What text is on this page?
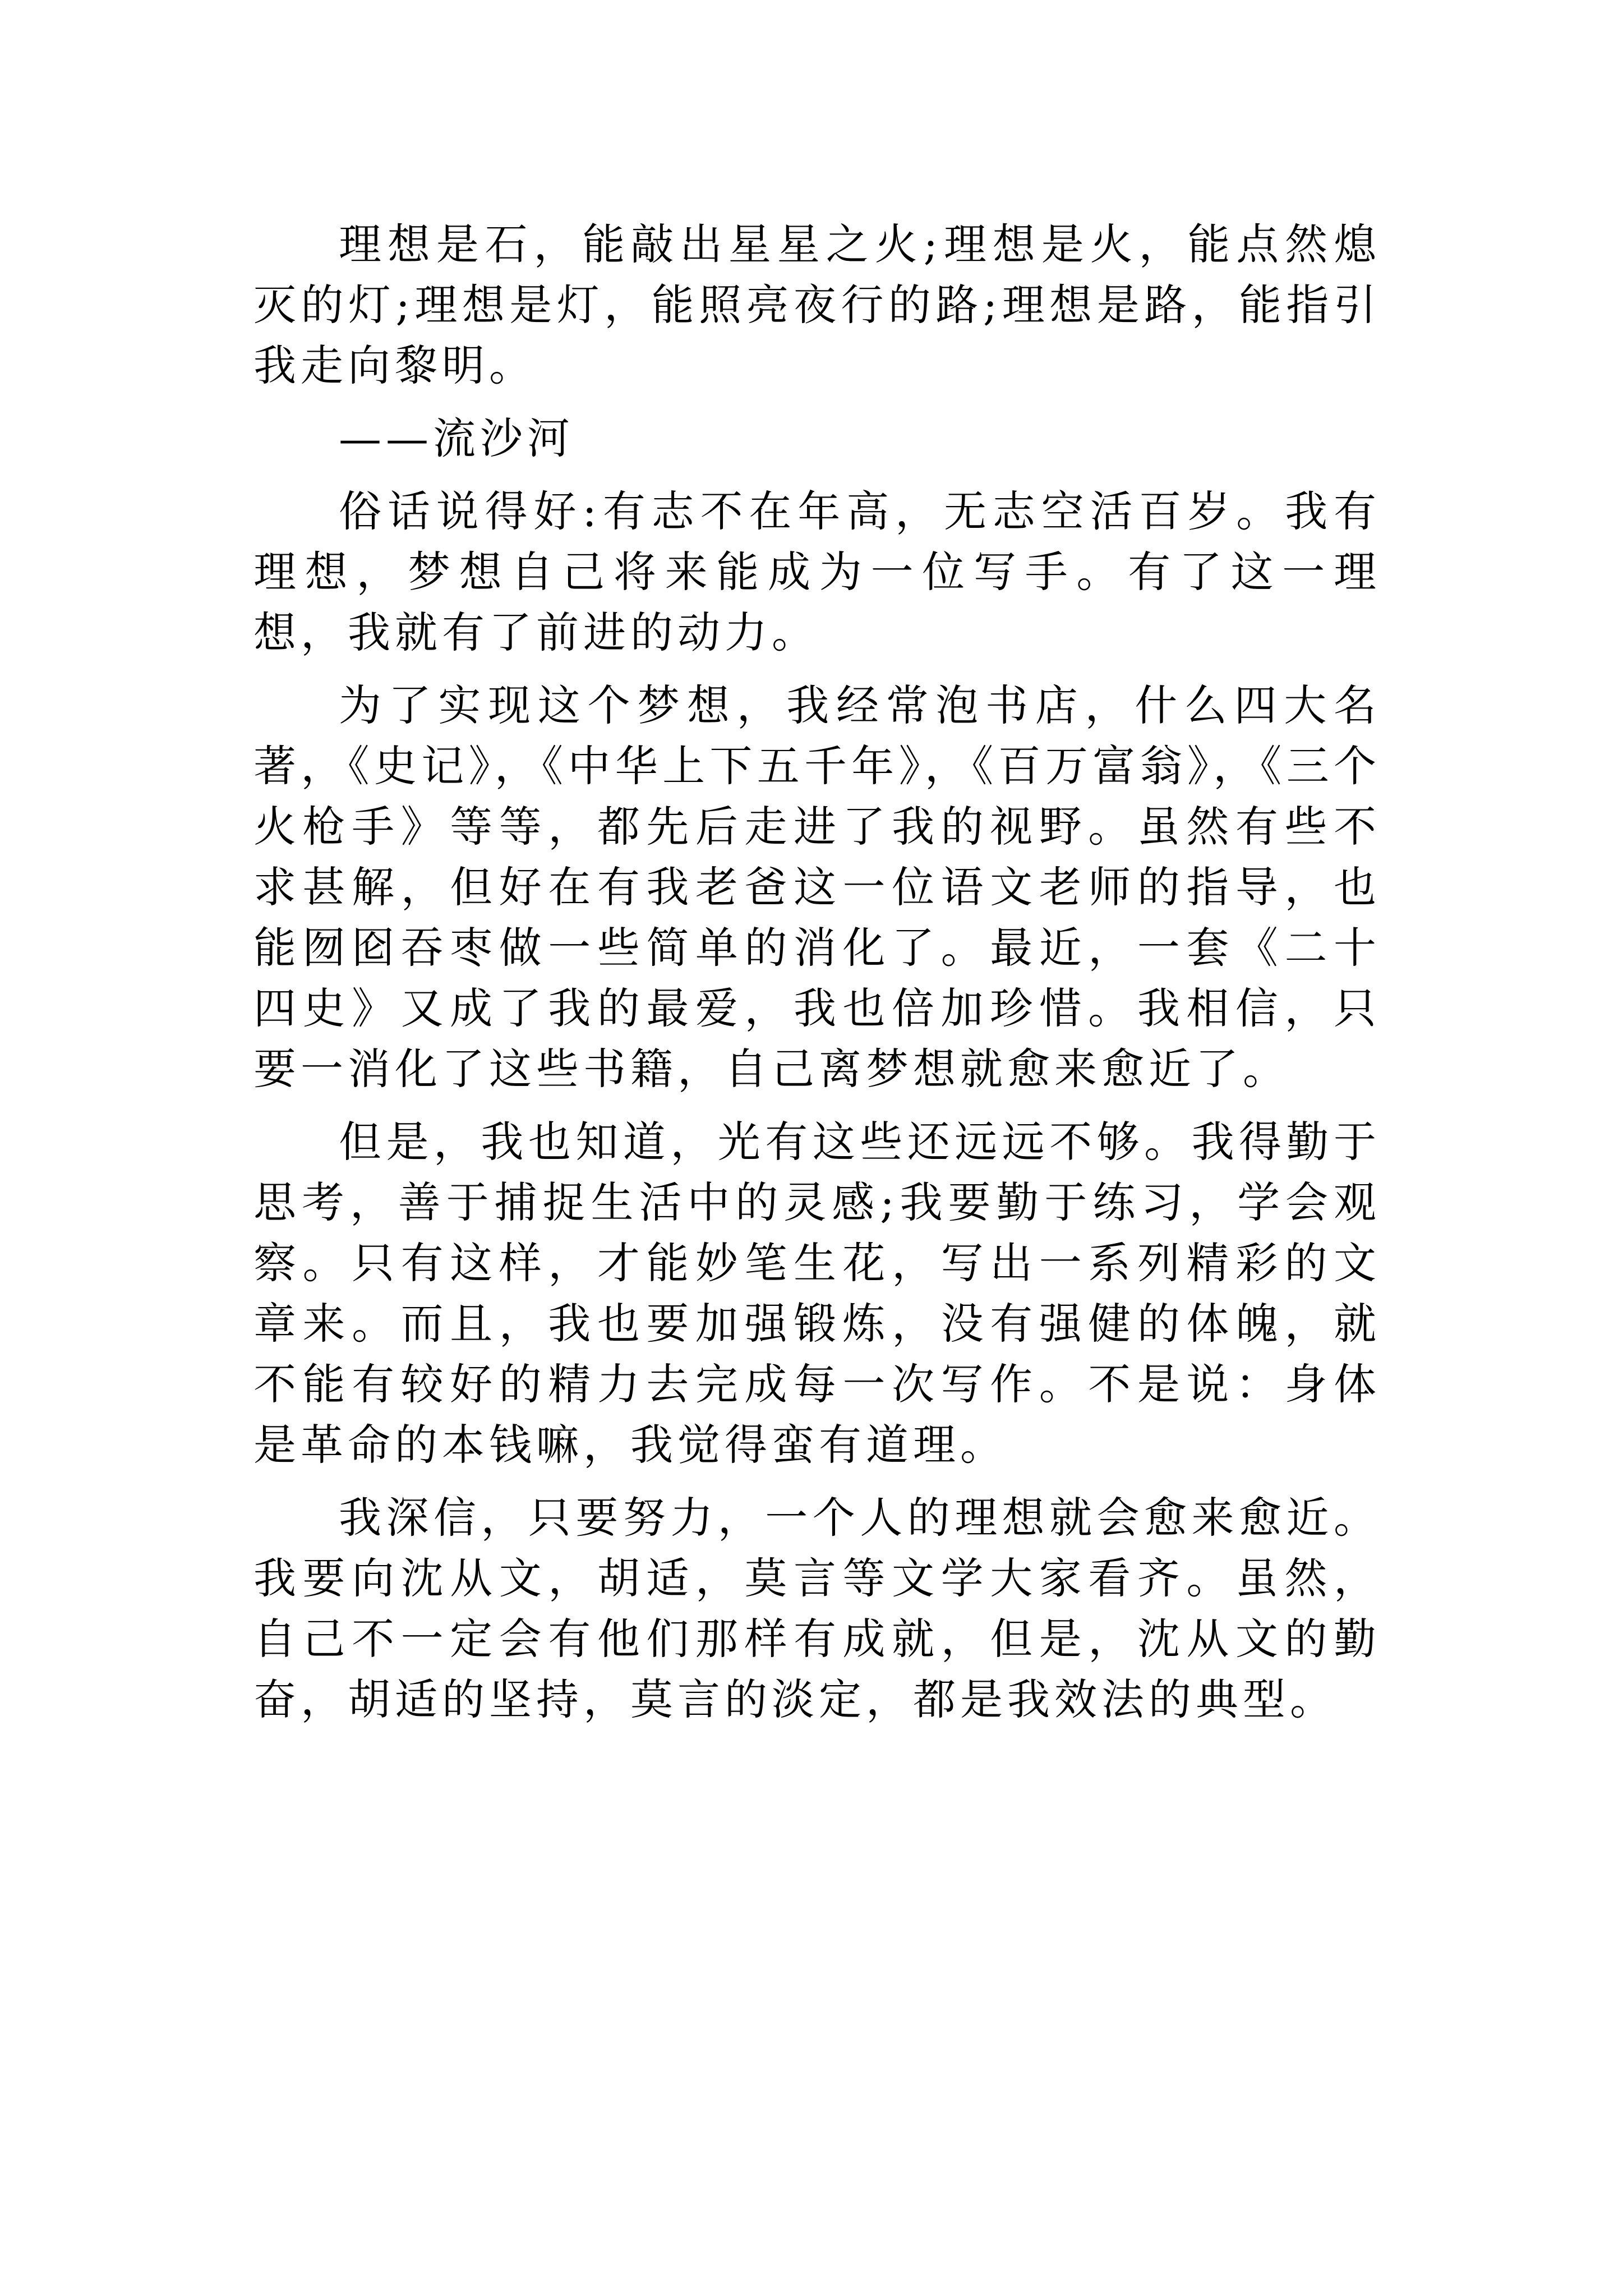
理想是石，能敲出星星之火;理想是火，能点然熄灭的灯;理想是灯，能照亮夜行的路;理想是路，能指引我走向黎明。

——流沙河

俗话说得好:有志不在年高，无志空活百岁。我有理想，梦想自己将来能成为一位写手。有了这一理想，我就有了前进的动力。

为了实现这个梦想，我经常泡书店，什么四大名著，《史记》，《中华上下五千年》，《百万富翁》，《三个火枪手》等等，都先后走进了我的视野。虽然有些不求甚解，但好在有我老爸这一位语文老师的指导，也能囫囵吞枣做一些简单的消化了。最近，一套《二十四史》又成了我的最爱，我也倍加珍惜。我相信，只要一消化了这些书籍，自己离梦想就愈来愈近了。

但是，我也知道，光有这些还远远不够。我得勤于思考，善于捕捉生活中的灵感;我要勤于练习，学会观察。只有这样，才能妙笔生花，写出一系列精彩的文章来。而且，我也要加强锻炼，没有强健的体魄，就不能有较好的精力去完成每一次写作。不是说：身体是革命的本钱嘛，我觉得蛮有道理。

我深信，只要努力，一个人的理想就会愈来愈近。我要向沈从文，胡适，莫言等文学大家看齐。虽然，自己不一定会有他们那样有成就，但是，沈从文的勤奋，胡适的坚持，莫言的淡定，都是我效法的典型。
